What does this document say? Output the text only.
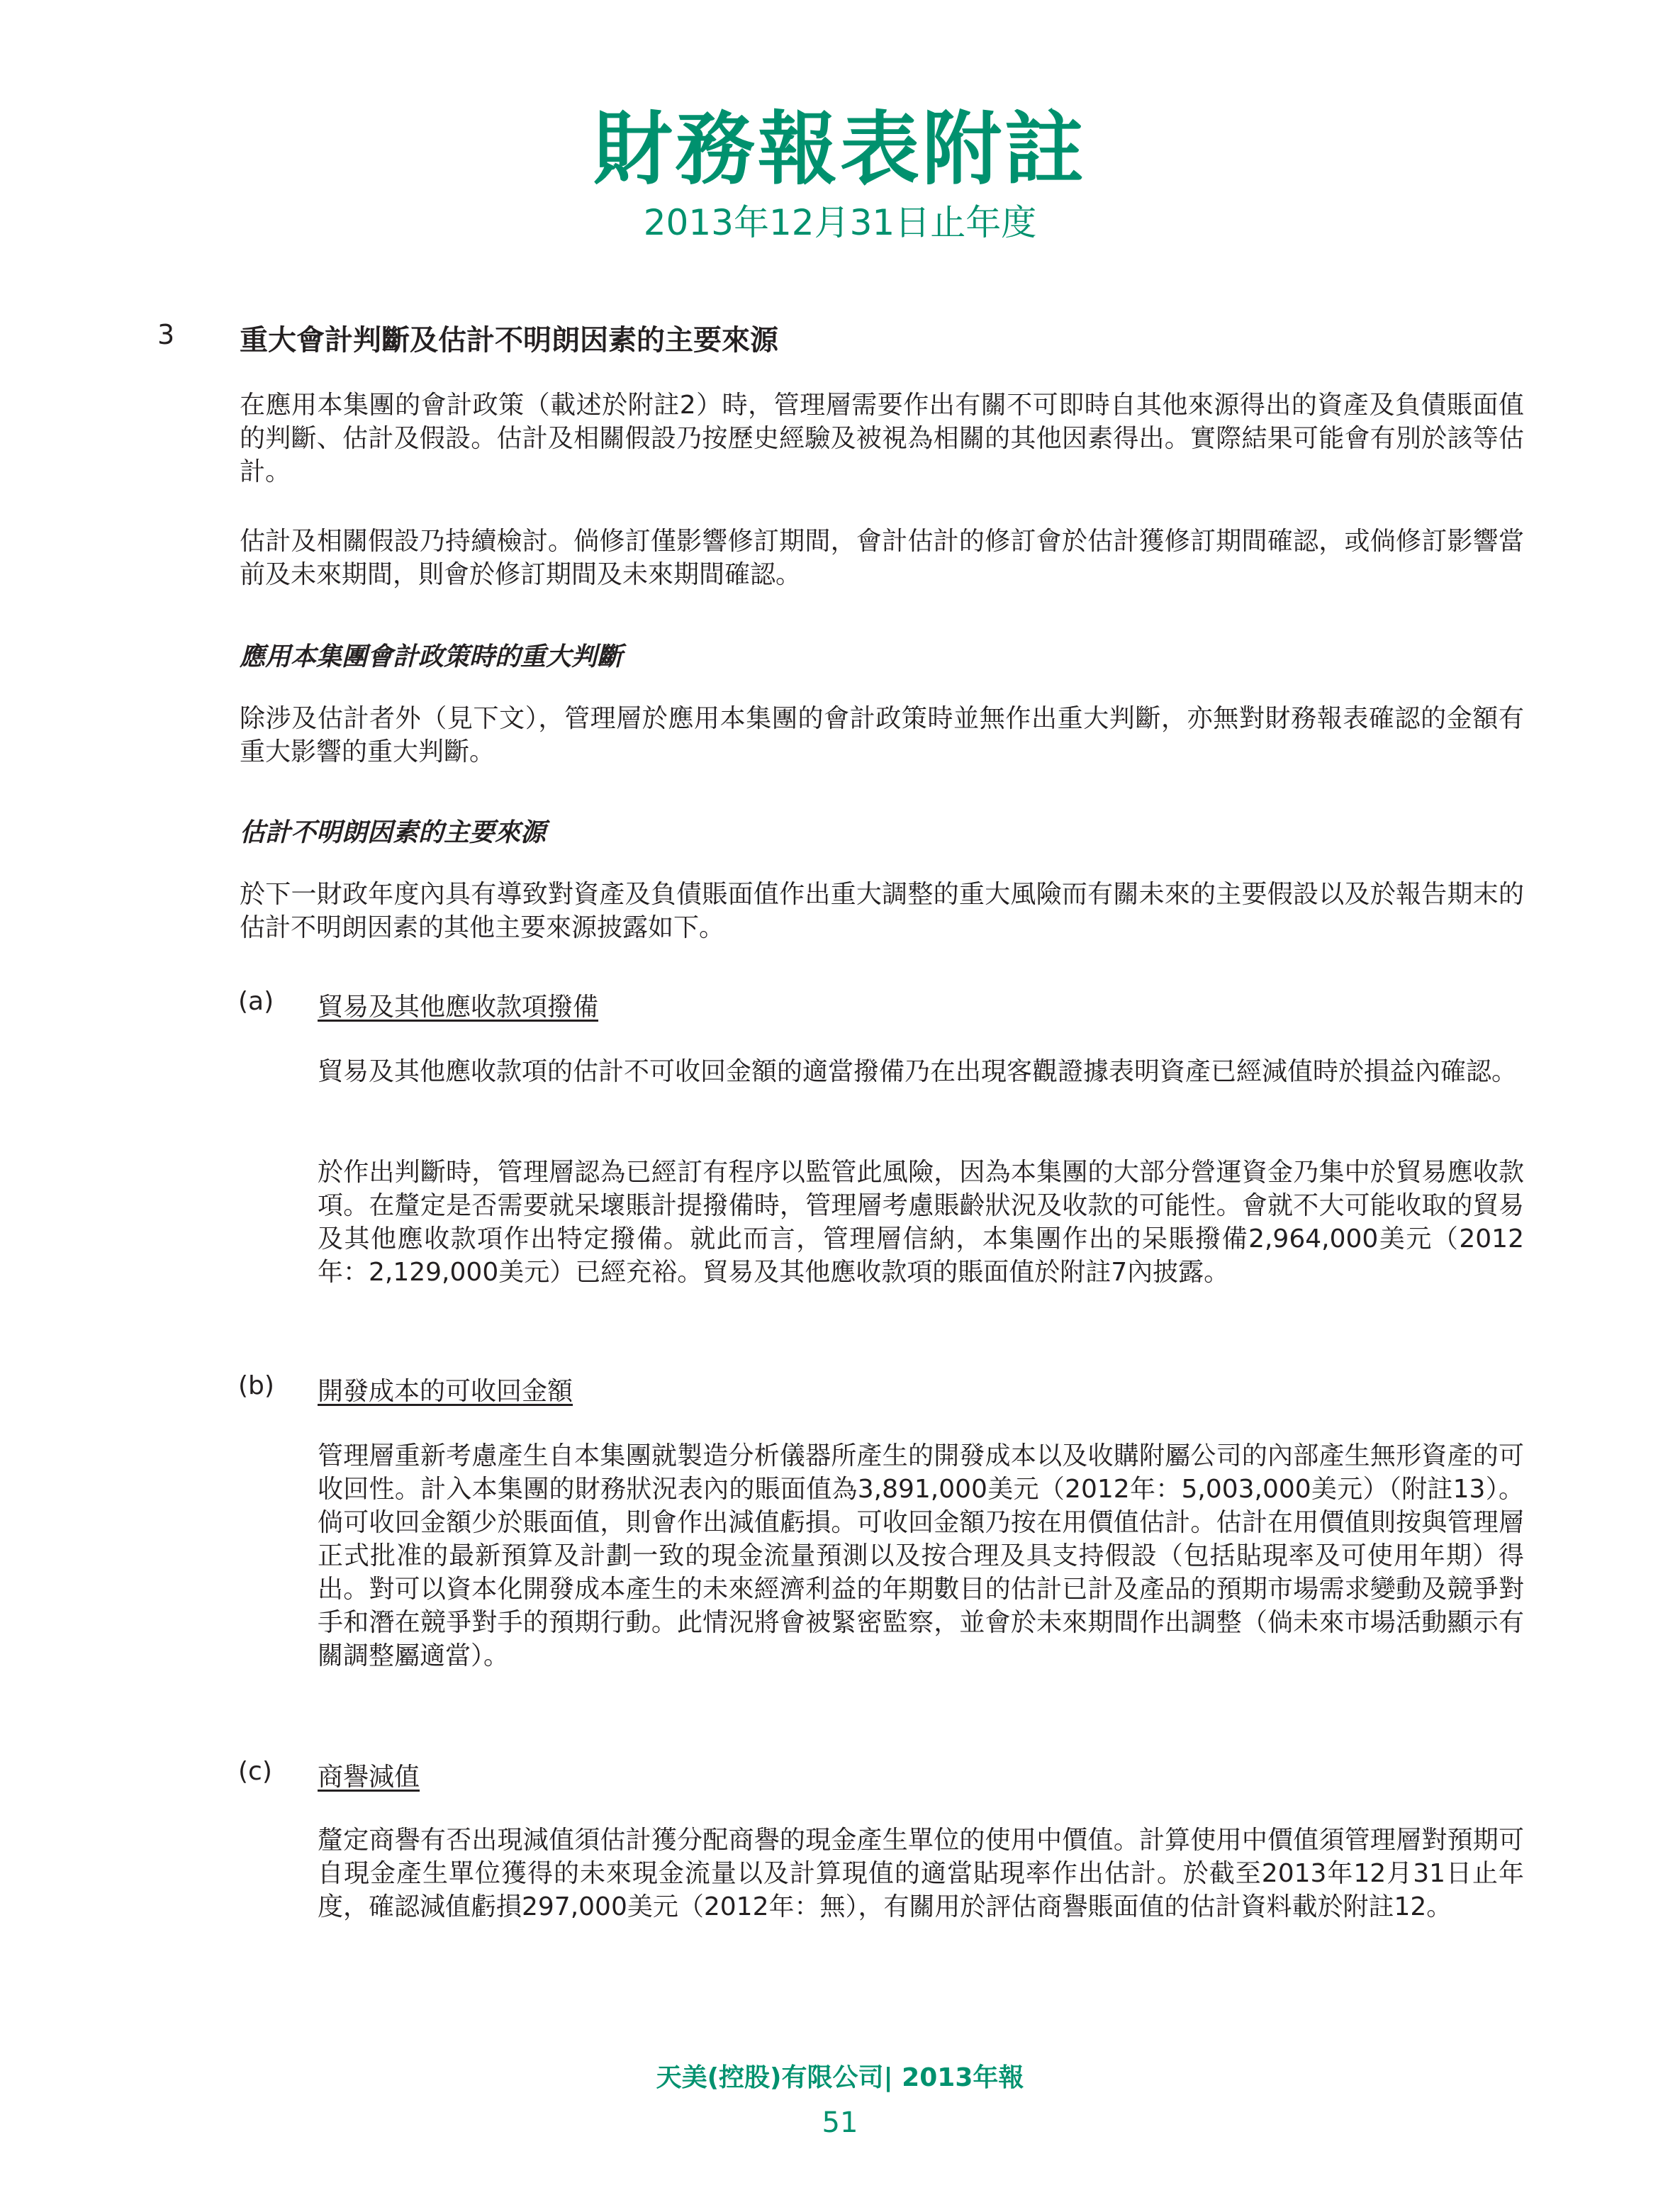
財務報表附註
2013年12月31日止年度
3 重大會計判斷及估計不明朗因素的主要來源
在應用本集團的會計政策（載述於附註2）時，管理層需要作出有關不可即時自其他來源得出的資產及負債賬面值的判斷、估計及假設。估計及相關假設乃按歷史經驗及被視為相關的其他因素得出。實際結果可能會有別於該等估計。
估計及相關假設乃持續檢討。倘修訂僅影響修訂期間，會計估計的修訂會於估計獲修訂期間確認，或倘修訂影響當前及未來期間，則會於修訂期間及未來期間確認。
應用本集團會計政策時的重大判斷
除涉及估計者外（見下文），管理層於應用本集團的會計政策時並無作出重大判斷，亦無對財務報表確認的金額有重大影響的重大判斷。
估計不明朗因素的主要來源
於下一財政年度內具有導致對資產及負債賬面值作出重大調整的重大風險而有關未來的主要假設以及於報告期末的估計不明朗因素的其他主要來源披露如下。
(a) 貿易及其他應收款項撥備
貿易及其他應收款項的估計不可收回金額的適當撥備乃在出現客觀證據表明資產已經減值時於損益內確認。
於作出判斷時，管理層認為已經訂有程序以監管此風險，因為本集團的大部分營運資金乃集中於貿易應收款項。在釐定是否需要就呆壞賬計提撥備時，管理層考慮賬齡狀況及收款的可能性。會就不大可能收取的貿易及其他應收款項作出特定撥備。就此而言，管理層信納，本集團作出的呆賬撥備2,964,000美元（2012年：2,129,000美元）已經充裕。貿易及其他應收款項的賬面值於附註7內披露。
(b) 開發成本的可收回金額
管理層重新考慮產生自本集團就製造分析儀器所產生的開發成本以及收購附屬公司的內部產生無形資產的可收回性。計入本集團的財務狀況表內的賬面值為3,891,000美元（2012年：5,003,000美元）（附註13）。倘可收回金額少於賬面值，則會作出減值虧損。可收回金額乃按在用價值估計。估計在用價值則按與管理層正式批准的最新預算及計劃一致的現金流量預測以及按合理及具支持假設（包括貼現率及可使用年期）得出。對可以資本化開發成本產生的未來經濟利益的年期數目的估計已計及產品的預期市場需求變動及競爭對手和潛在競爭對手的預期行動。此情況將會被緊密監察，並會於未來期間作出調整（倘未來市場活動顯示有關調整屬適當）。
(c) 商譽減值
釐定商譽有否出現減值須估計獲分配商譽的現金產生單位的使用中價值。計算使用中價值須管理層對預期可自現金產生單位獲得的未來現金流量以及計算現值的適當貼現率作出估計。於截至2013年12月31日止年度，確認減值虧損297,000美元（2012年：無），有關用於評估商譽賬面值的估計資料載於附註12。
天美(控股)有限公司| 2013年報
51
